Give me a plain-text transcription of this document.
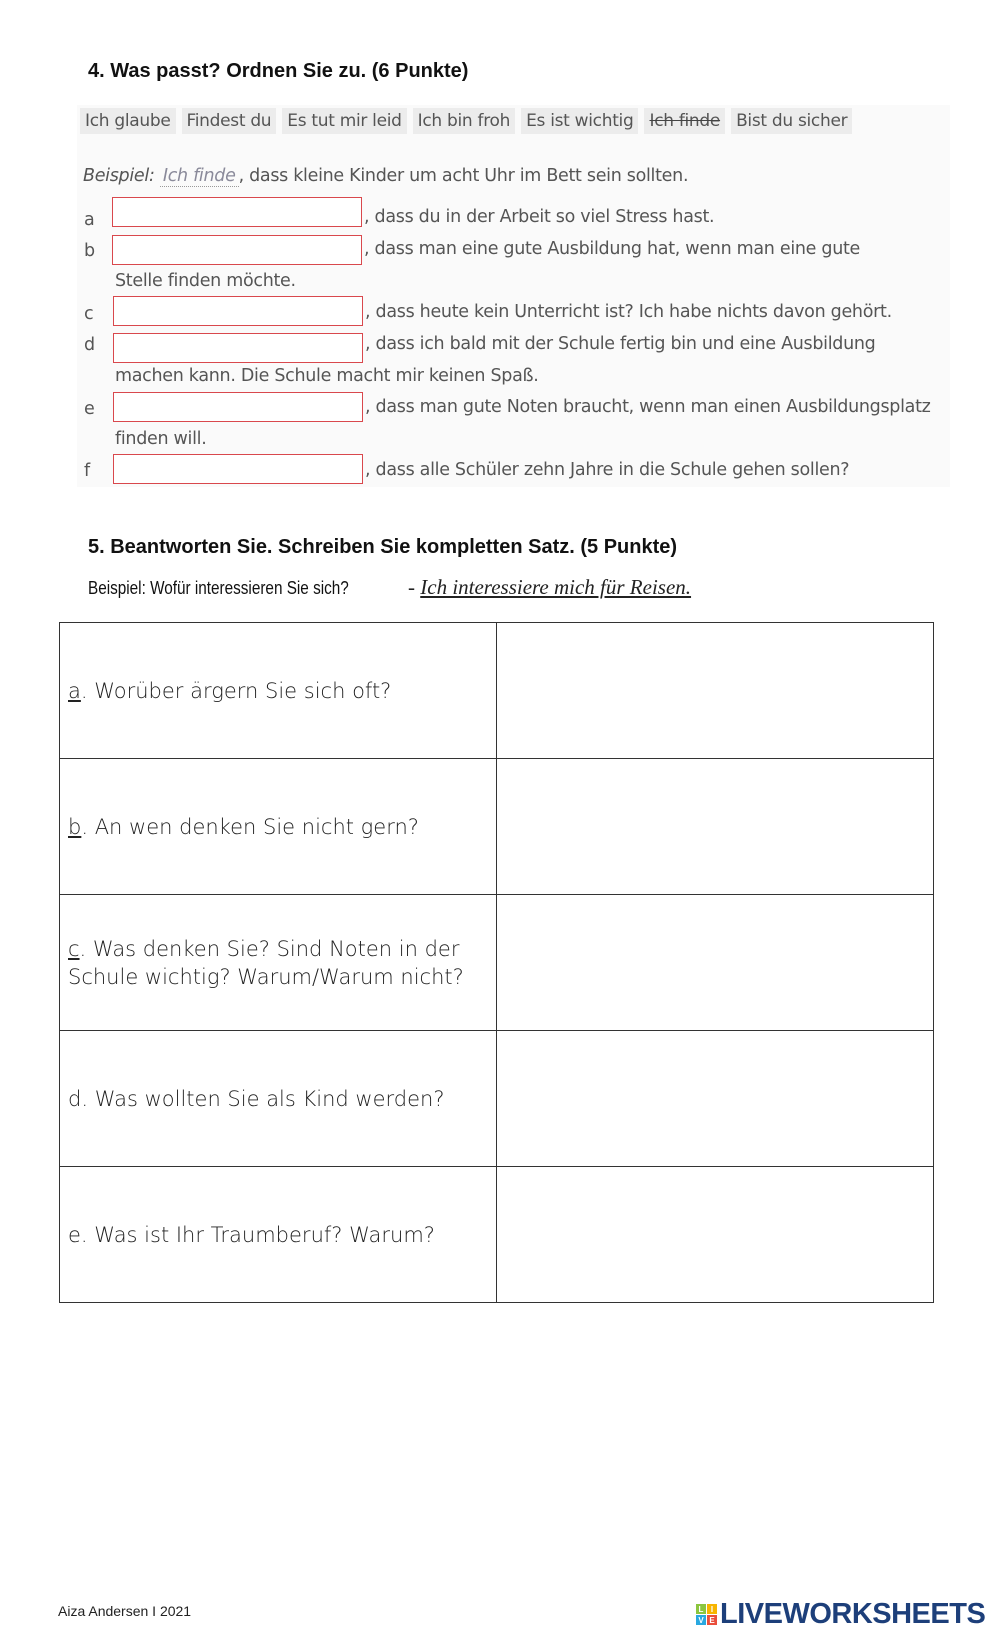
4. Was passt? Ordnen Sie zu. (6 Punkte)
Ich glaube Findest du Es tut mir leid Ich bin froh Es ist wichtig Ich finde Bist du sicher
Beispiel: Ich finde , dass kleine Kinder um acht Uhr im Bett sein sollten.
a	, dass du in der Arbeit so viel Stress hast.
b	, dass man eine gute Ausbildung hat, wenn man eine gute
Stelle finden möchte.
c	, dass heute kein Unterricht ist? Ich habe nichts davon gehört.
d	, dass ich bald mit der Schule fertig bin und eine Ausbildung
machen kann. Die Schule macht mir keinen Spaß.
e	, dass man gute Noten braucht, wenn man einen Ausbildungsplatz
finden will.
f	, dass alle Schüler zehn Jahre in die Schule gehen sollen?
5. Beantworten Sie. Schreiben Sie kompletten Satz. (5 Punkte)
Beispiel: Wofür interessieren Sie sich?	- Ich interessiere mich für Reisen.
a. Worüber ärgern Sie sich oft?	
b. An wen denken Sie nicht gern?	
c. Was denken Sie? Sind Noten in der Schule wichtig? Warum/Warum nicht?	
d. Was wollten Sie als Kind werden?	
e. Was ist Ihr Traumberuf? Warum?	
Aiza Andersen I 2021	L I
V E LIVEWORKSHEETS
